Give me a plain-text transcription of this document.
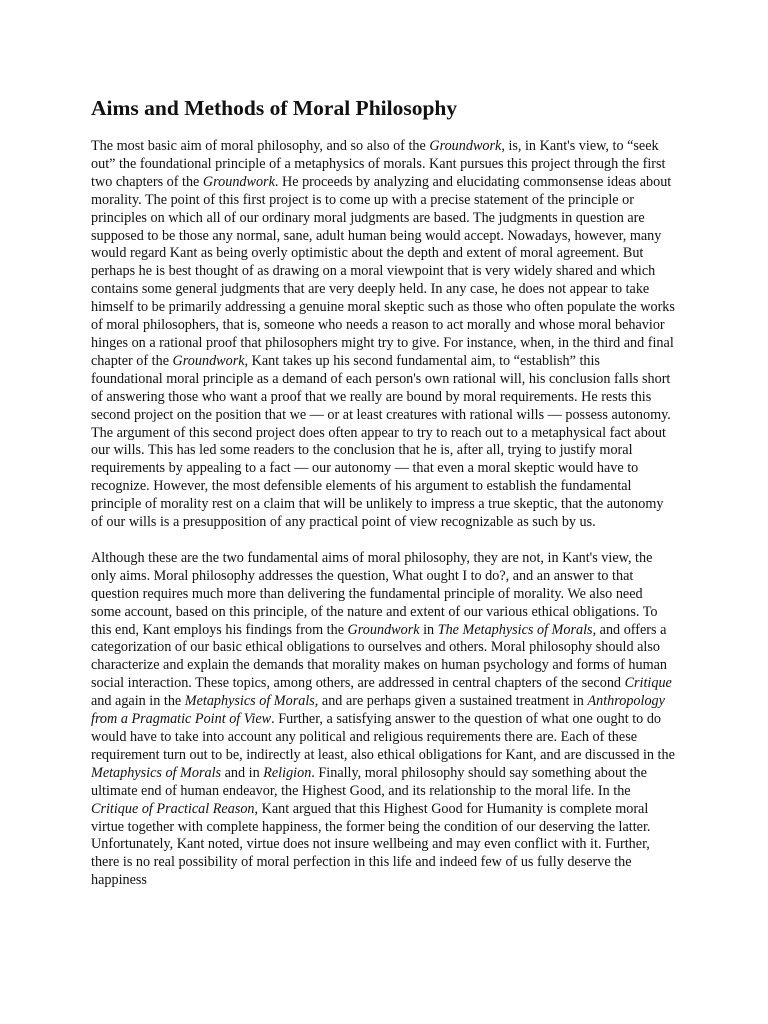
Aims and Methods of Moral Philosophy

The most basic aim of moral philosophy, and so also of the Groundwork, is, in Kant's view, to “seek out” the foundational principle of a metaphysics of morals. Kant pursues this project through the first two chapters of the Groundwork. He proceeds by analyzing and elucidating commonsense ideas about morality. The point of this first project is to come up with a precise statement of the principle or principles on which all of our ordinary moral judgments are based. The judgments in question are supposed to be those any normal, sane, adult human being would accept. Nowadays, however, many would regard Kant as being overly optimistic about the depth and extent of moral agreement. But perhaps he is best thought of as drawing on a moral viewpoint that is very widely shared and which contains some general judgments that are very deeply held. In any case, he does not appear to take himself to be primarily addressing a genuine moral skeptic such as those who often populate the works of moral philosophers, that is, someone who needs a reason to act morally and whose moral behavior hinges on a rational proof that philosophers might try to give. For instance, when, in the third and final chapter of the Groundwork, Kant takes up his second fundamental aim, to “establish” this foundational moral principle as a demand of each person's own rational will, his conclusion falls short of answering those who want a proof that we really are bound by moral requirements. He rests this second project on the position that we — or at least creatures with rational wills — possess autonomy. The argument of this second project does often appear to try to reach out to a metaphysical fact about our wills. This has led some readers to the conclusion that he is, after all, trying to justify moral requirements by appealing to a fact — our autonomy — that even a moral skeptic would have to recognize. However, the most defensible elements of his argument to establish the fundamental principle of morality rest on a claim that will be unlikely to impress a true skeptic, that the autonomy of our wills is a presupposition of any practical point of view recognizable as such by us.

Although these are the two fundamental aims of moral philosophy, they are not, in Kant's view, the only aims. Moral philosophy addresses the question, What ought I to do?, and an answer to that question requires much more than delivering the fundamental principle of morality. We also need some account, based on this principle, of the nature and extent of our various ethical obligations. To this end, Kant employs his findings from the Groundwork in The Metaphysics of Morals, and offers a categorization of our basic ethical obligations to ourselves and others. Moral philosophy should also characterize and explain the demands that morality makes on human psychology and forms of human social interaction. These topics, among others, are addressed in central chapters of the second Critique and again in the Metaphysics of Morals, and are perhaps given a sustained treatment in Anthropology from a Pragmatic Point of View. Further, a satisfying answer to the question of what one ought to do would have to take into account any political and religious requirements there are. Each of these requirement turn out to be, indirectly at least, also ethical obligations for Kant, and are discussed in the Metaphysics of Morals and in Religion. Finally, moral philosophy should say something about the ultimate end of human endeavor, the Highest Good, and its relationship to the moral life. In the Critique of Practical Reason, Kant argued that this Highest Good for Humanity is complete moral virtue together with complete happiness, the former being the condition of our deserving the latter. Unfortunately, Kant noted, virtue does not insure wellbeing and may even conflict with it. Further, there is no real possibility of moral perfection in this life and indeed few of us fully deserve the happiness
